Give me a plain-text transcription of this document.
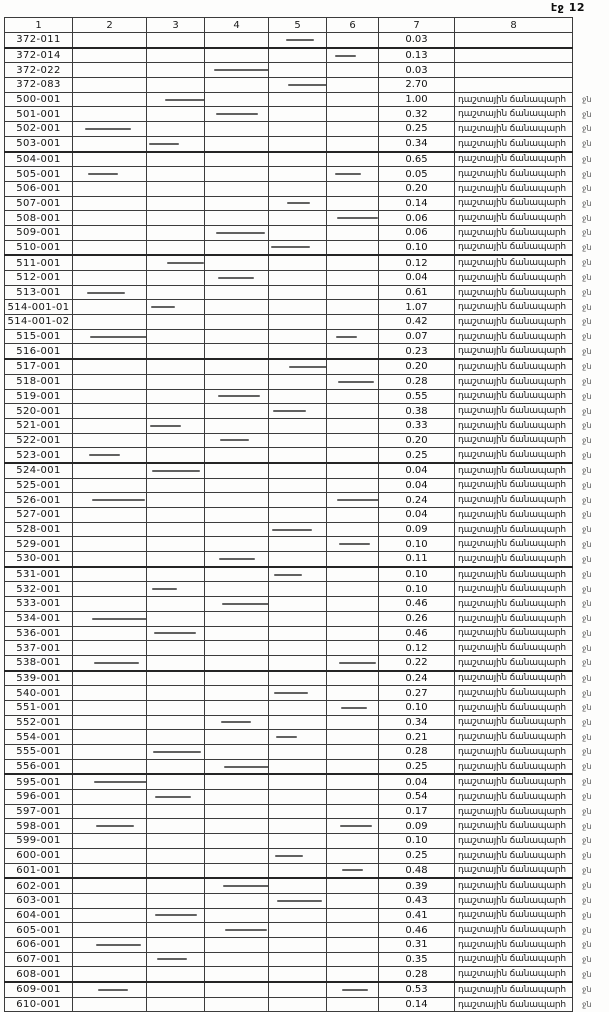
էջ 12
1	2	3	4	5	6	7	8	
372-011						0.03		
372-014						0.13		
372-022						0.03		
372-083						2.70		
500-001						1.00	դաշտային ճանապարհ	ջն
501-001						0.32	դաշտային ճանապարհ	ջն
502-001						0.25	դաշտային ճանապարհ	ջն
503-001						0.34	դաշտային ճանապարհ	ջն
504-001						0.65	դաշտային ճանապարհ	ջն
505-001						0.05	դաշտային ճանապարհ	ջն
506-001						0.20	դաշտային ճանապարհ	ջն
507-001						0.14	դաշտային ճանապարհ	ջն
508-001						0.06	դաշտային ճանապարհ	ջն
509-001						0.06	դաշտային ճանապարհ	ջն
510-001						0.10	դաշտային ճանապարհ	ջն
511-001						0.12	դաշտային ճանապարհ	ջն
512-001						0.04	դաշտային ճանապարհ	ջն
513-001						0.61	դաշտային ճանապարհ	ջն
514-001-01						1.07	դաշտային ճանապարհ	ջն
514-001-02						0.42	դաշտային ճանապարհ	ջն
515-001						0.07	դաշտային ճանապարհ	ջն
516-001						0.23	դաշտային ճանապարհ	ջն
517-001						0.20	դաշտային ճանապարհ	ջն
518-001						0.28	դաշտային ճանապարհ	ջն
519-001						0.55	դաշտային ճանապարհ	ջն
520-001						0.38	դաշտային ճանապարհ	ջն
521-001						0.33	դաշտային ճանապարհ	ջն
522-001						0.20	դաշտային ճանապարհ	ջն
523-001						0.25	դաշտային ճանապարհ	ջն
524-001						0.04	դաշտային ճանապարհ	ջն
525-001						0.04	դաշտային ճանապարհ	ջն
526-001						0.24	դաշտային ճանապարհ	ջն
527-001						0.04	դաշտային ճանապարհ	ջն
528-001						0.09	դաշտային ճանապարհ	ջն
529-001						0.10	դաշտային ճանապարհ	ջն
530-001						0.11	դաշտային ճանապարհ	ջն
531-001						0.10	դաշտային ճանապարհ	ջն
532-001						0.10	դաշտային ճանապարհ	ջն
533-001						0.46	դաշտային ճանապարհ	ջն
534-001						0.26	դաշտային ճանապարհ	ջն
536-001						0.46	դաշտային ճանապարհ	ջն
537-001						0.12	դաշտային ճանապարհ	ջն
538-001						0.22	դաշտային ճանապարհ	ջն
539-001						0.24	դաշտային ճանապարհ	ջն
540-001						0.27	դաշտային ճանապարհ	ջն
551-001						0.10	դաշտային ճանապարհ	ջն
552-001						0.34	դաշտային ճանապարհ	ջն
554-001						0.21	դաշտային ճանապարհ	ջն
555-001						0.28	դաշտային ճանապարհ	ջն
556-001						0.25	դաշտային ճանապարհ	ջն
595-001						0.04	դաշտային ճանապարհ	ջն
596-001						0.54	դաշտային ճանապարհ	ջն
597-001						0.17	դաշտային ճանապարհ	ջն
598-001						0.09	դաշտային ճանապարհ	ջն
599-001						0.10	դաշտային ճանապարհ	ջն
600-001						0.25	դաշտային ճանապարհ	ջն
601-001						0.48	դաշտային ճանապարհ	ջն
602-001						0.39	դաշտային ճանապարհ	ջն
603-001						0.43	դաշտային ճանապարհ	ջն
604-001						0.41	դաշտային ճանապարհ	ջն
605-001						0.46	դաշտային ճանապարհ	ջն
606-001						0.31	դաշտային ճանապարհ	ջն
607-001						0.35	դաշտային ճանապարհ	ջն
608-001						0.28	դաշտային ճանապարհ	ջն
609-001						0.53	դաշտային ճանապարհ	ջն
610-001						0.14	դաշտային ճանապարհ	ջն
